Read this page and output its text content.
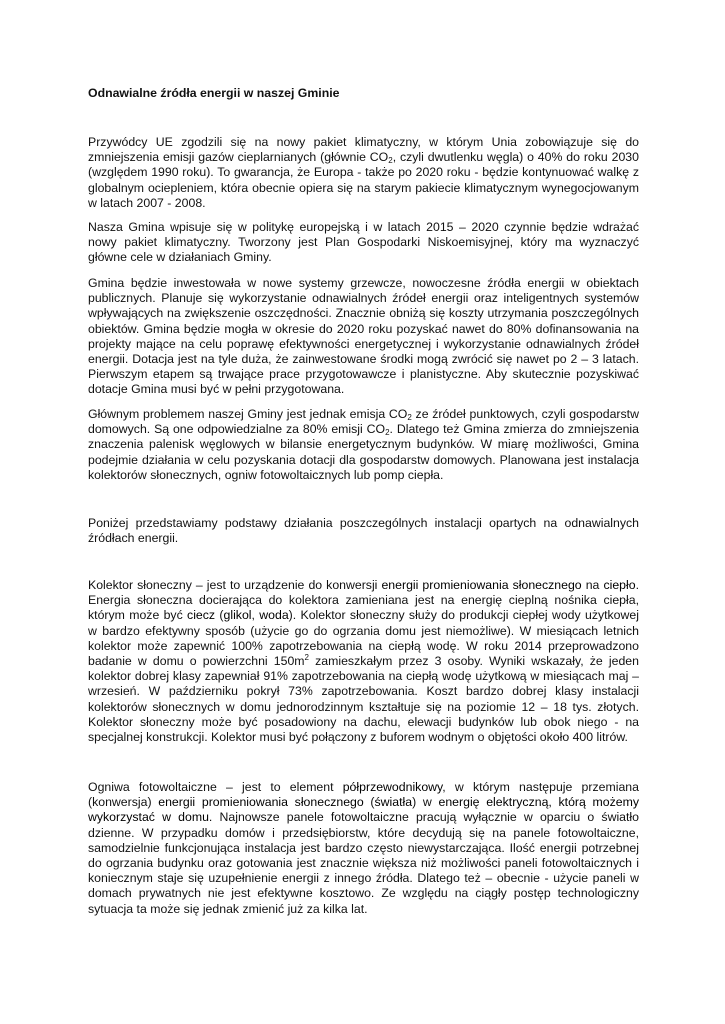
Odnawialne źródła energii w naszej Gminie

Przywódcy UE zgodzili się na nowy pakiet klimatyczny, w którym Unia zobowiązuje się do zmniejszenia emisji gazów cieplarnianych (głównie $CO_2$, czyli dwutlenku węgla) o 40% do roku 2030 (względem 1990 roku). To gwarancja, że Europa - także po 2020 roku - będzie kontynuować walkę z globalnym ociepleniem, która obecnie opiera się na starym pakiecie klimatycznym wynegocjowanym w latach 2007 - 2008.

Nasza Gmina wpisuje się w politykę europejską i w latach 2015 – 2020 czynnie będzie wdrażać nowy pakiet klimatyczny. Tworzony jest Plan Gospodarki Niskoemisyjnej, który ma wyznaczyć główne cele w działaniach Gminy.

Gmina będzie inwestowała w nowe systemy grzewcze, nowoczesne źródła energii w obiektach publicznych. Planuje się wykorzystanie odnawialnych źródeł energii oraz inteligentnych systemów wpływających na zwiększenie oszczędności. Znacznie obniżą się koszty utrzymania poszczególnych obiektów. Gmina będzie mogła w okresie do 2020 roku pozyskać nawet do 80% dofinansowania na projekty mające na celu poprawę efektywności energetycznej i wykorzystanie odnawialnych źródeł energii. Dotacja jest na tyle duża, że zainwestowane środki mogą zwrócić się nawet po 2 – 3 latach. Pierwszym etapem są trwające prace przygotowawcze i planistyczne. Aby skutecznie pozyskiwać dotacje Gmina musi być w pełni przygotowana.

Głównym problemem naszej Gminy jest jednak emisja $CO_2$ ze źródeł punktowych, czyli gospodarstw domowych. Są one odpowiedzialne za 80% emisji $CO_2$. Dlatego też Gmina zmierza do zmniejszenia znaczenia palenisk węglowych w bilansie energetycznym budynków. W miarę możliwości, Gmina podejmie działania w celu pozyskania dotacji dla gospodarstw domowych. Planowana jest instalacja kolektorów słonecznych, ogniw fotowoltaicznych lub pomp ciepła.

Poniżej przedstawiamy podstawy działania poszczególnych instalacji opartych na odnawialnych źródłach energii.

Kolektor słoneczny – jest to urządzenie do konwersji energii promieniowania słonecznego na ciepło. Energia słoneczna docierająca do kolektora zamieniana jest na energię cieplną nośnika ciepła, którym może być ciecz (glikol, woda). Kolektor słoneczny służy do produkcji ciepłej wody użytkowej w bardzo efektywny sposób (użycie go do ogrzania domu jest niemożliwe). W miesiącach letnich kolektor może zapewnić 100% zapotrzebowania na ciepłą wodę. W roku 2014 przeprowadzono badanie w domu o powierzchni $150m^2$ zamieszkałym przez 3 osoby. Wyniki wskazały, że jeden kolektor dobrej klasy zapewniał 91% zapotrzebowania na ciepłą wodę użytkową w miesiącach maj – wrzesień. W październiku pokrył 73% zapotrzebowania. Koszt bardzo dobrej klasy instalacji kolektorów słonecznych w domu jednorodzinnym kształtuje się na poziomie 12 – 18 tys. złotych. Kolektor słoneczny może być posadowiony na dachu, elewacji budynków lub obok niego - na specjalnej konstrukcji. Kolektor musi być połączony z buforem wodnym o objętości około 400 litrów.

Ogniwa fotowoltaiczne – jest to element półprzewodnikowy, w którym następuje przemiana (konwersja) energii promieniowania słonecznego (światła) w energię elektryczną, którą możemy wykorzystać w domu. Najnowsze panele fotowoltaiczne pracują wyłącznie w oparciu o światło dzienne. W przypadku domów i przedsiębiorstw, które decydują się na panele fotowoltaiczne, samodzielnie funkcjonująca instalacja jest bardzo często niewystarczająca. Ilość energii potrzebnej do ogrzania budynku oraz gotowania jest znacznie większa niż możliwości paneli fotowoltaicznych i koniecznym staje się uzupełnienie energii z innego źródła. Dlatego też – obecnie - użycie paneli w domach prywatnych nie jest efektywne kosztowo. Ze względu na ciągły postęp technologiczny sytuacja ta może się jednak zmienić już za kilka lat.
